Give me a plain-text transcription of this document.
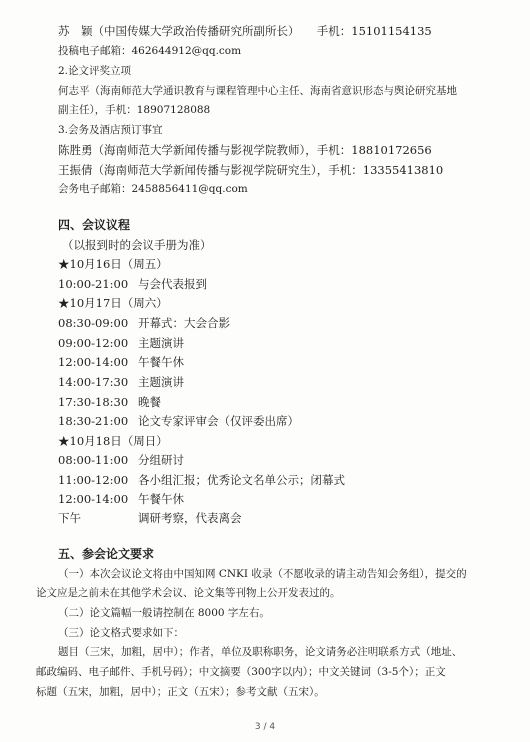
苏　颖（中国传媒大学政治传播研究所副所长）　　手机：15101154135
投稿电子邮箱：462644912@qq.com
2.论文评奖立项
何志平（海南师范大学通识教育与课程管理中心主任、海南省意识形态与舆论研究基地
副主任），手机：18907128088
3.会务及酒店预订事宜
陈胜勇（海南师范大学新闻传播与影视学院教师），手机：18810172656
王振倩（海南师范大学新闻传播与影视学院研究生），手机：13355413810
会务电子邮箱：2458856411@qq.com
四、会议议程
（以报到时的会议手册为准）
★10月16日（周五）
10:00-21:00 与会代表报到
★10月17日（周六）
08:30-09:00 开幕式：大会合影
09:00-12:00 主题演讲
12:00-14:00 午餐午休
14:00-17:30 主题演讲
17:30-18:30 晚餐
18:30-21:00 论文专家评审会（仅评委出席）
★10月18日（周日）
08:00-11:00 分组研讨
11:00-12:00 各小组汇报；优秀论文名单公示；闭幕式
12:00-14:00 午餐午休
下午	调研考察，代表离会
五、参会论文要求
（一）本次会议论文将由中国知网 CNKI 收录（不愿收录的请主动告知会务组），提交的
论文应是之前未在其他学术会议、论文集等刊物上公开发表过的。
（二）论文篇幅一般请控制在 8000 字左右。
（三）论文格式要求如下：
题目（三宋，加粗，居中）；作者，单位及职称职务，论文请务必注明联系方式（地址、
邮政编码、电子邮件、手机号码）；中文摘要（300字以内）；中文关键词（3-5个）；正文
标题（五宋，加粗，居中）；正文（五宋）；参考文献（五宋）。
3 / 4
